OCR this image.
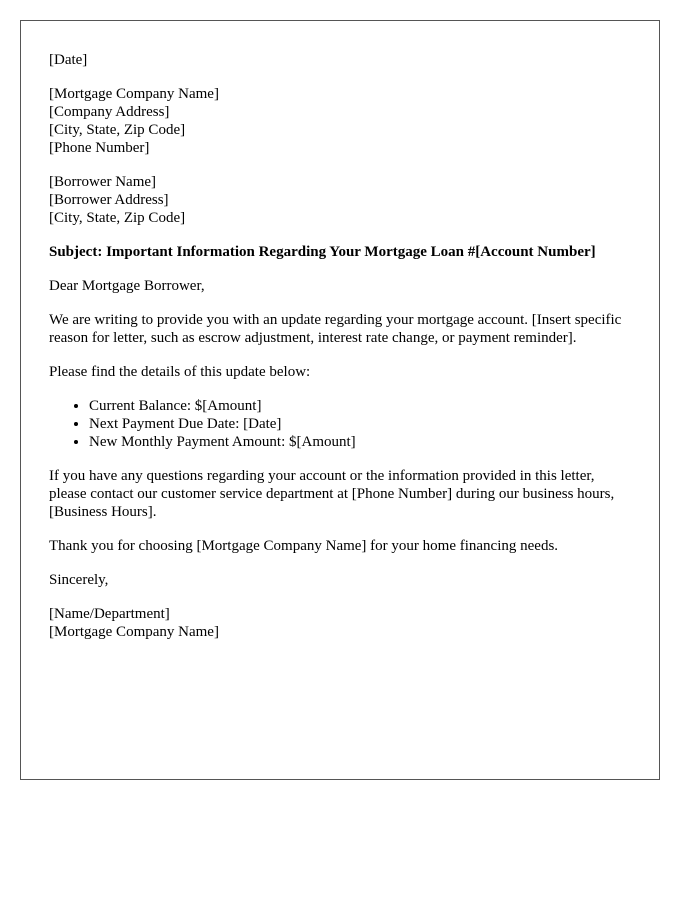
[Date]
[Mortgage Company Name]
[Company Address]
[City, State, Zip Code]
[Phone Number]
[Borrower Name]
[Borrower Address]
[City, State, Zip Code]
Subject: Important Information Regarding Your Mortgage Loan #[Account Number]

Dear Mortgage Borrower,

We are writing to provide you with an update regarding your mortgage account. [Insert specific reason for letter, such as escrow adjustment, interest rate change, or payment reminder].

Please find the details of this update below:

• Current Balance: $[Amount]
• Next Payment Due Date: [Date]
• New Monthly Payment Amount: $[Amount]

If you have any questions regarding your account or the information provided in this letter, please contact our customer service department at [Phone Number] during our business hours, [Business Hours].

Thank you for choosing [Mortgage Company Name] for your home financing needs.

Sincerely,

[Name/Department]
[Mortgage Company Name]
